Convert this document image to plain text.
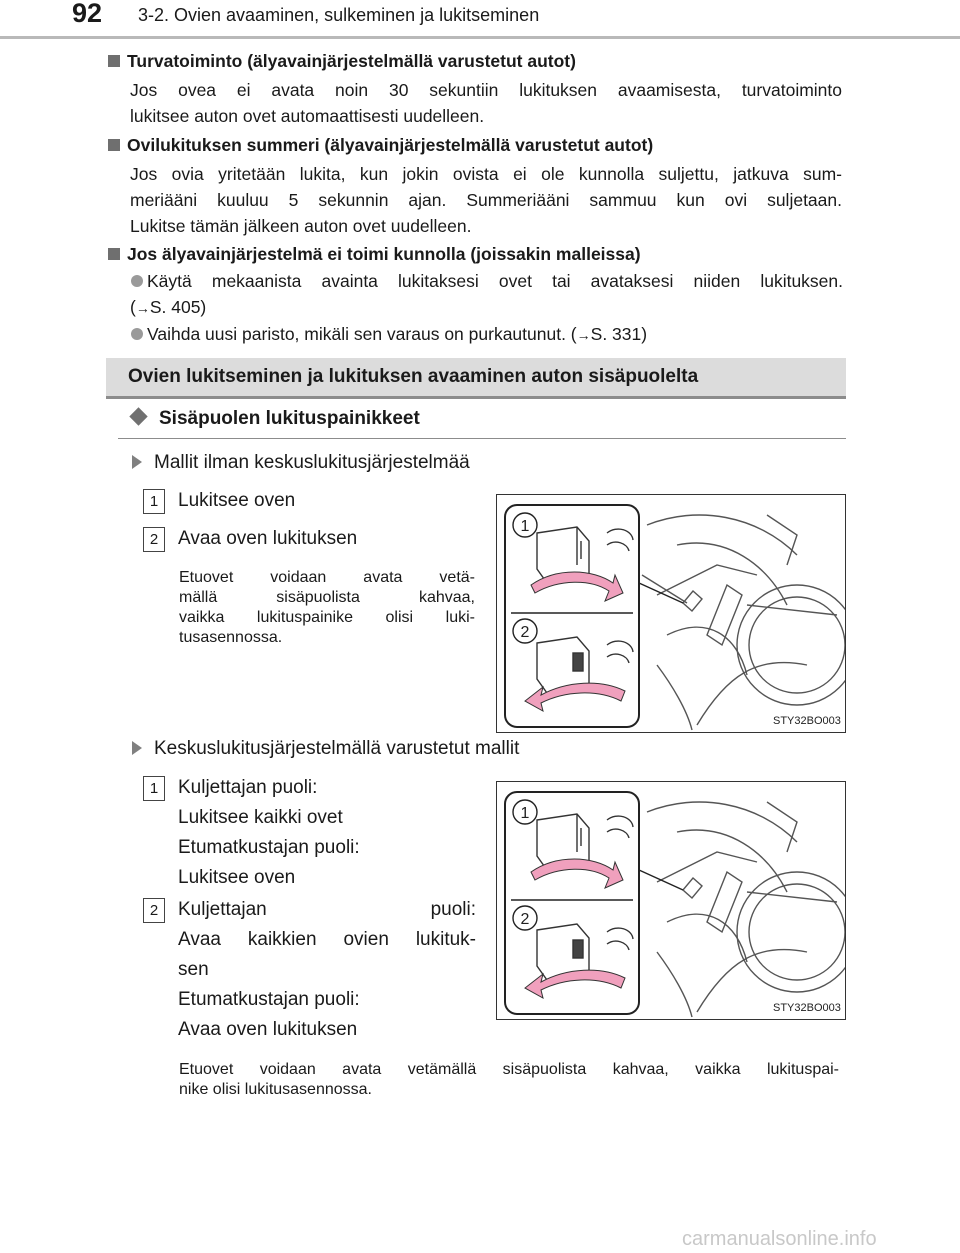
92 3-2. Ovien avaaminen, sulkeminen ja lukitseminen
Turvatoiminto (älyavainjärjestelmällä varustetut autot)
Jos ovea ei avata noin 30 sekuntiin lukituksen avaamisesta, turvatoiminto
lukitsee auton ovet automaattisesti uudelleen.
Ovilukituksen summeri (älyavainjärjestelmällä varustetut autot)
Jos ovia yritetään lukita, kun jokin ovista ei ole kunnolla suljettu, jatkuva sum-
meriääni kuuluu 5 sekunnin ajan. Summeriääni sammuu kun ovi suljetaan.
Lukitse tämän jälkeen auton ovet uudelleen.
Jos älyavainjärjestelmä ei toimi kunnolla (joissakin malleissa)
Käytä mekaanista avainta lukitaksesi ovet tai avataksesi niiden lukituksen.
(→S. 405)
Vaihda uusi paristo, mikäli sen varaus on purkautunut. (→S. 331)
Ovien lukitseminen ja lukituksen avaaminen auton sisäpuolelta
Sisäpuolen lukituspainikkeet
Mallit ilman keskuslukitusjärjestelmää
1	Lukitsee oven
2	Avaa oven lukituksen
Etuovet voidaan avata vetä-
mällä sisäpuolista kahvaa,
vaikka lukituspainike olisi luki-
tusasennossa.
1
2
STY32BO003
Keskuslukitusjärjestelmällä varustetut mallit
1	Kuljettajan puoli:
Lukitsee kaikki ovet
Etumatkustajan puoli:
Lukitsee oven
2	Kuljettajan puoli:
Avaa kaikkien ovien lukituk-
sen
Etumatkustajan puoli:
Avaa oven lukituksen
Etuovet voidaan avata vetämällä sisäpuolista kahvaa, vaikka lukituspai-
nike olisi lukitusasennossa.
1
2
STY32BO003
carmanualsonline.info
